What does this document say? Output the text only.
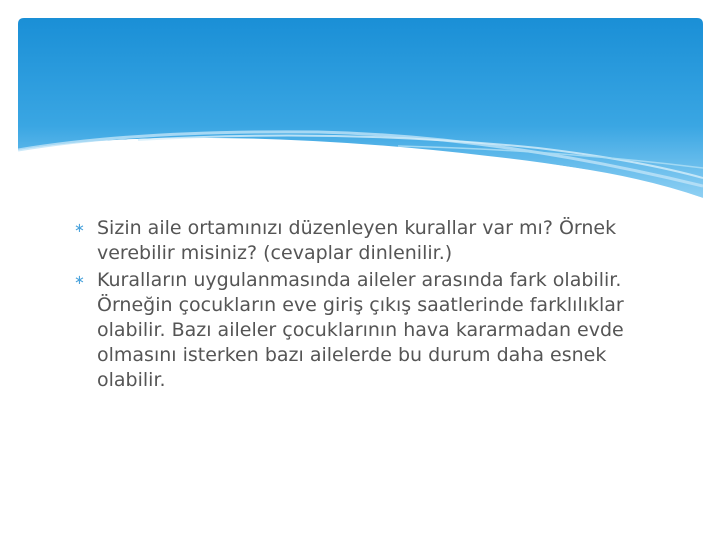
∗ Sizin aile ortamınızı düzenleyen kurallar var mı? Örnek verebilir misiniz? (cevaplar dinlenilir.)
∗ Kuralların uygulanmasında aileler arasında fark olabilir. Örneğin çocukların eve giriş çıkış saatlerinde farklılıklar olabilir. Bazı aileler çocuklarının hava kararmadan evde olmasını isterken bazı ailelerde bu durum daha esnek olabilir.
